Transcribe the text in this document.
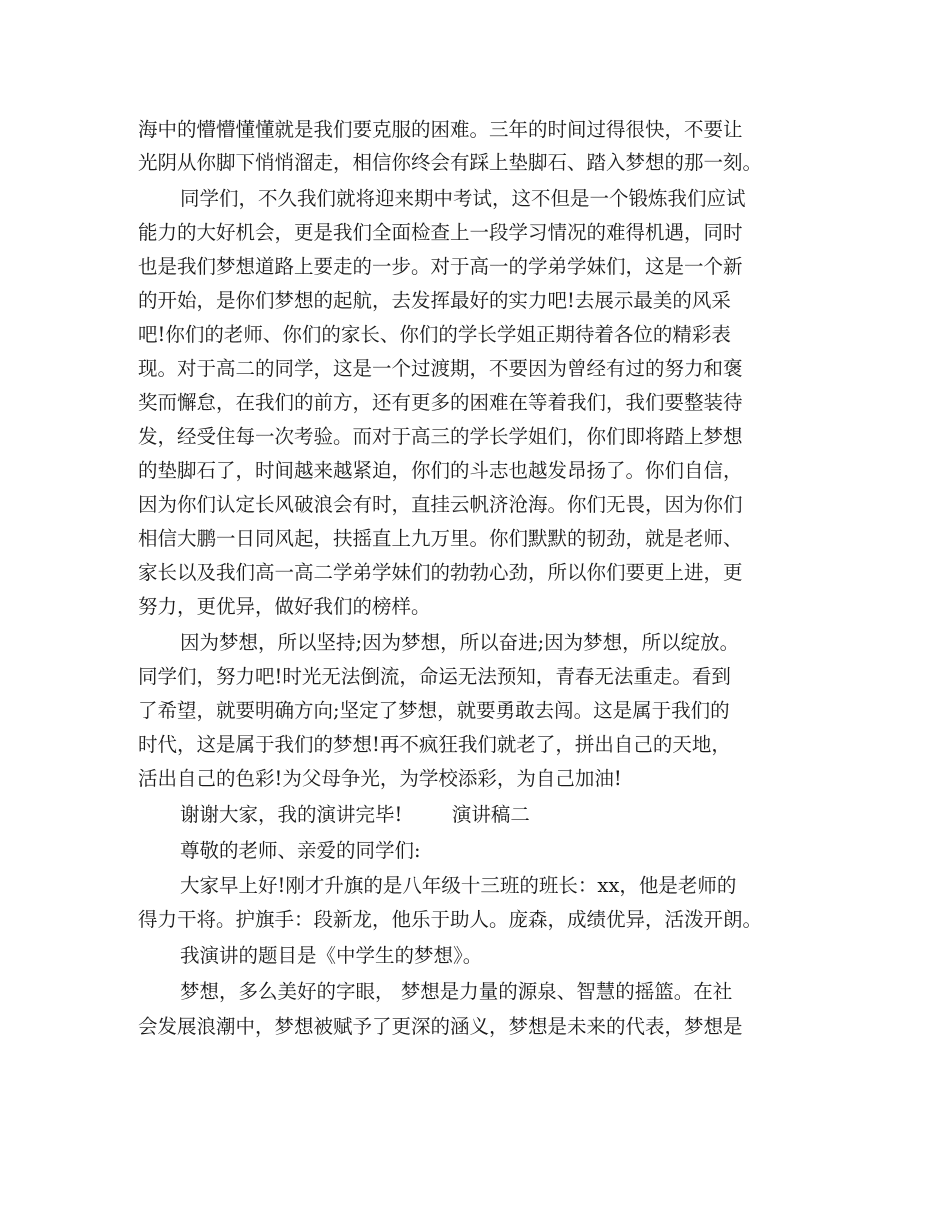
海中的懵懵懂懂就是我们要克服的困难。三年的时间过得很快，不要让
光阴从你脚下悄悄溜走，相信你终会有踩上垫脚石、踏入梦想的那一刻。
同学们，不久我们就将迎来期中考试，这不但是一个锻炼我们应试
能力的大好机会，更是我们全面检查上一段学习情况的难得机遇，同时
也是我们梦想道路上要走的一步。对于高一的学弟学妹们，这是一个新
的开始，是你们梦想的起航，去发挥最好的实力吧!去展示最美的风采
吧!你们的老师、你们的家长、你们的学长学姐正期待着各位的精彩表
现。对于高二的同学，这是一个过渡期，不要因为曾经有过的努力和褒
奖而懈怠，在我们的前方，还有更多的困难在等着我们，我们要整装待
发，经受住每一次考验。而对于高三的学长学姐们，你们即将踏上梦想
的垫脚石了，时间越来越紧迫，你们的斗志也越发昂扬了。你们自信，
因为你们认定长风破浪会有时，直挂云帆济沧海。你们无畏，因为你们
相信大鹏一日同风起，扶摇直上九万里。你们默默的韧劲，就是老师、
家长以及我们高一高二学弟学妹们的勃勃心劲，所以你们要更上进，更
努力，更优异，做好我们的榜样。
因为梦想，所以坚持;因为梦想，所以奋进;因为梦想，所以绽放。
同学们，努力吧!时光无法倒流，命运无法预知，青春无法重走。看到
了希望，就要明确方向;坚定了梦想，就要勇敢去闯。这是属于我们的
时代，这是属于我们的梦想!再不疯狂我们就老了，拼出自己的天地，
活出自己的色彩!为父母争光，为学校添彩，为自己加油!
谢谢大家，我的演讲完毕!        演讲稿二
尊敬的老师、亲爱的同学们:
大家早上好!刚才升旗的是八年级十三班的班长：xx，他是老师的
得力干将。护旗手：段新龙，他乐于助人。庞森，成绩优异，活泼开朗。
我演讲的题目是《中学生的梦想》。
梦想，多么美好的字眼， 梦想是力量的源泉、智慧的摇篮。在社
会发展浪潮中，梦想被赋予了更深的涵义，梦想是未来的代表，梦想是
